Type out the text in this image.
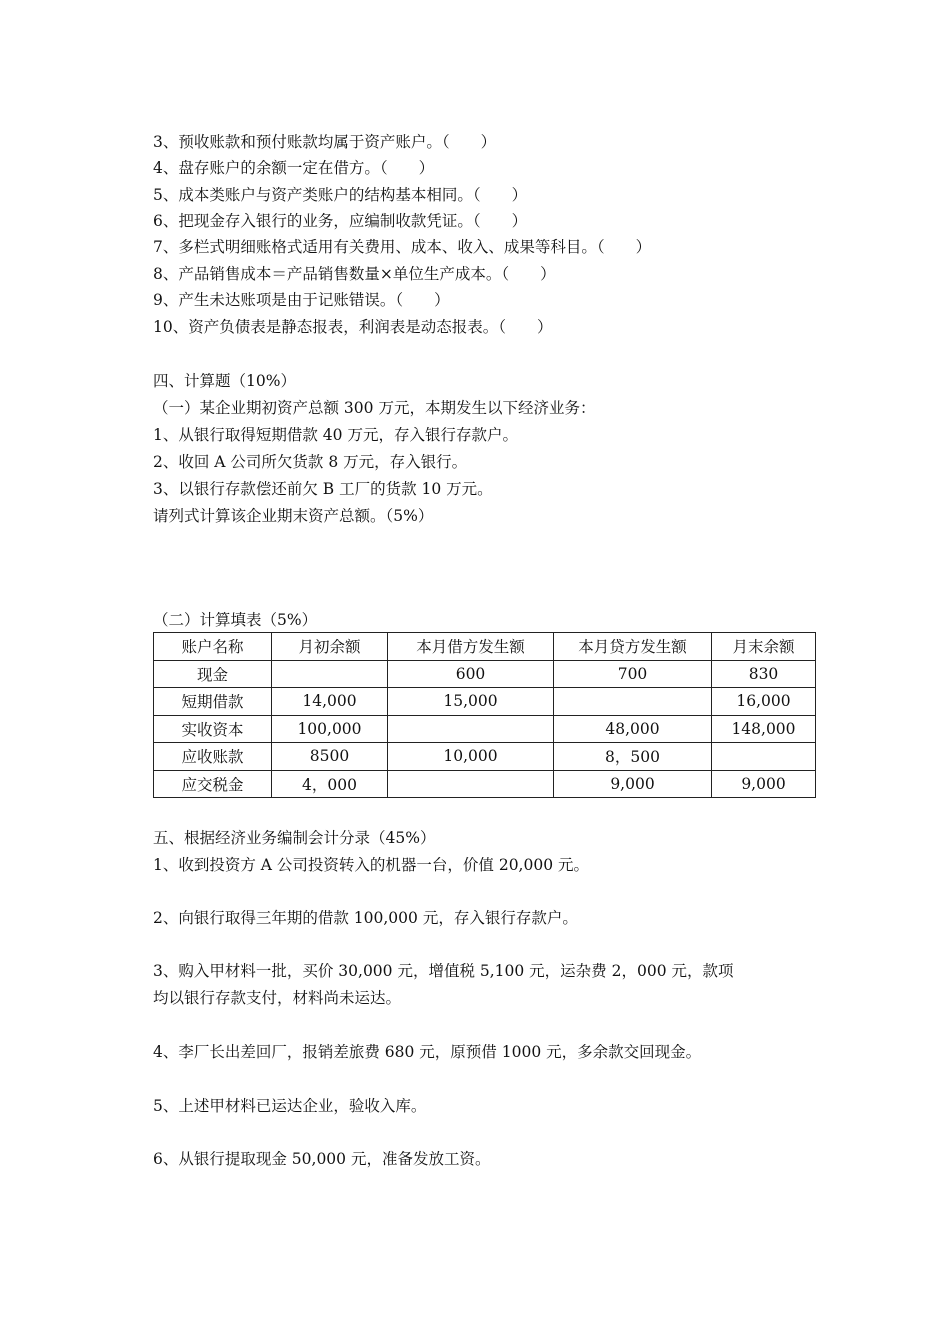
3、预收账款和预付账款均属于资产账户。（　　）
4、盘存账户的余额一定在借方。（　　）
5、成本类账户与资产类账户的结构基本相同。（　　）
6、把现金存入银行的业务，应编制收款凭证。（　　）
7、多栏式明细账格式适用有关费用、成本、收入、成果等科目。（　　）
8、产品销售成本＝产品销售数量×单位生产成本。（　　）
9、产生未达账项是由于记账错误。（　　）
10、资产负债表是静态报表，利润表是动态报表。（　　）
四、计算题（10%）
（一）某企业期初资产总额 300 万元，本期发生以下经济业务：
1、从银行取得短期借款 40 万元，存入银行存款户。
2、收回 A 公司所欠货款 8 万元，存入银行。
3、以银行存款偿还前欠 B 工厂的货款 10 万元。
请列式计算该企业期末资产总额。（5%）
（二）计算填表（5%）
账户名称	月初余额	本月借方发生额	本月贷方发生额	月末余额
现金		600	700	830
短期借款	14,000	15,000		16,000
实收资本	100,000		48,000	148,000
应收账款	8500	10,000	8，500	
应交税金	4，000		9,000	9,000
五、根据经济业务编制会计分录（45%）
1、收到投资方 A 公司投资转入的机器一台，价值 20,000 元。
2、向银行取得三年期的借款 100,000 元，存入银行存款户。
3、购入甲材料一批，买价 30,000 元，增值税 5,100 元，运杂费 2，000 元，款项
均以银行存款支付，材料尚未运达。
4、李厂长出差回厂，报销差旅费 680 元，原预借 1000 元，多余款交回现金。
5、上述甲材料已运达企业，验收入库。
6、从银行提取现金 50,000 元，准备发放工资。
